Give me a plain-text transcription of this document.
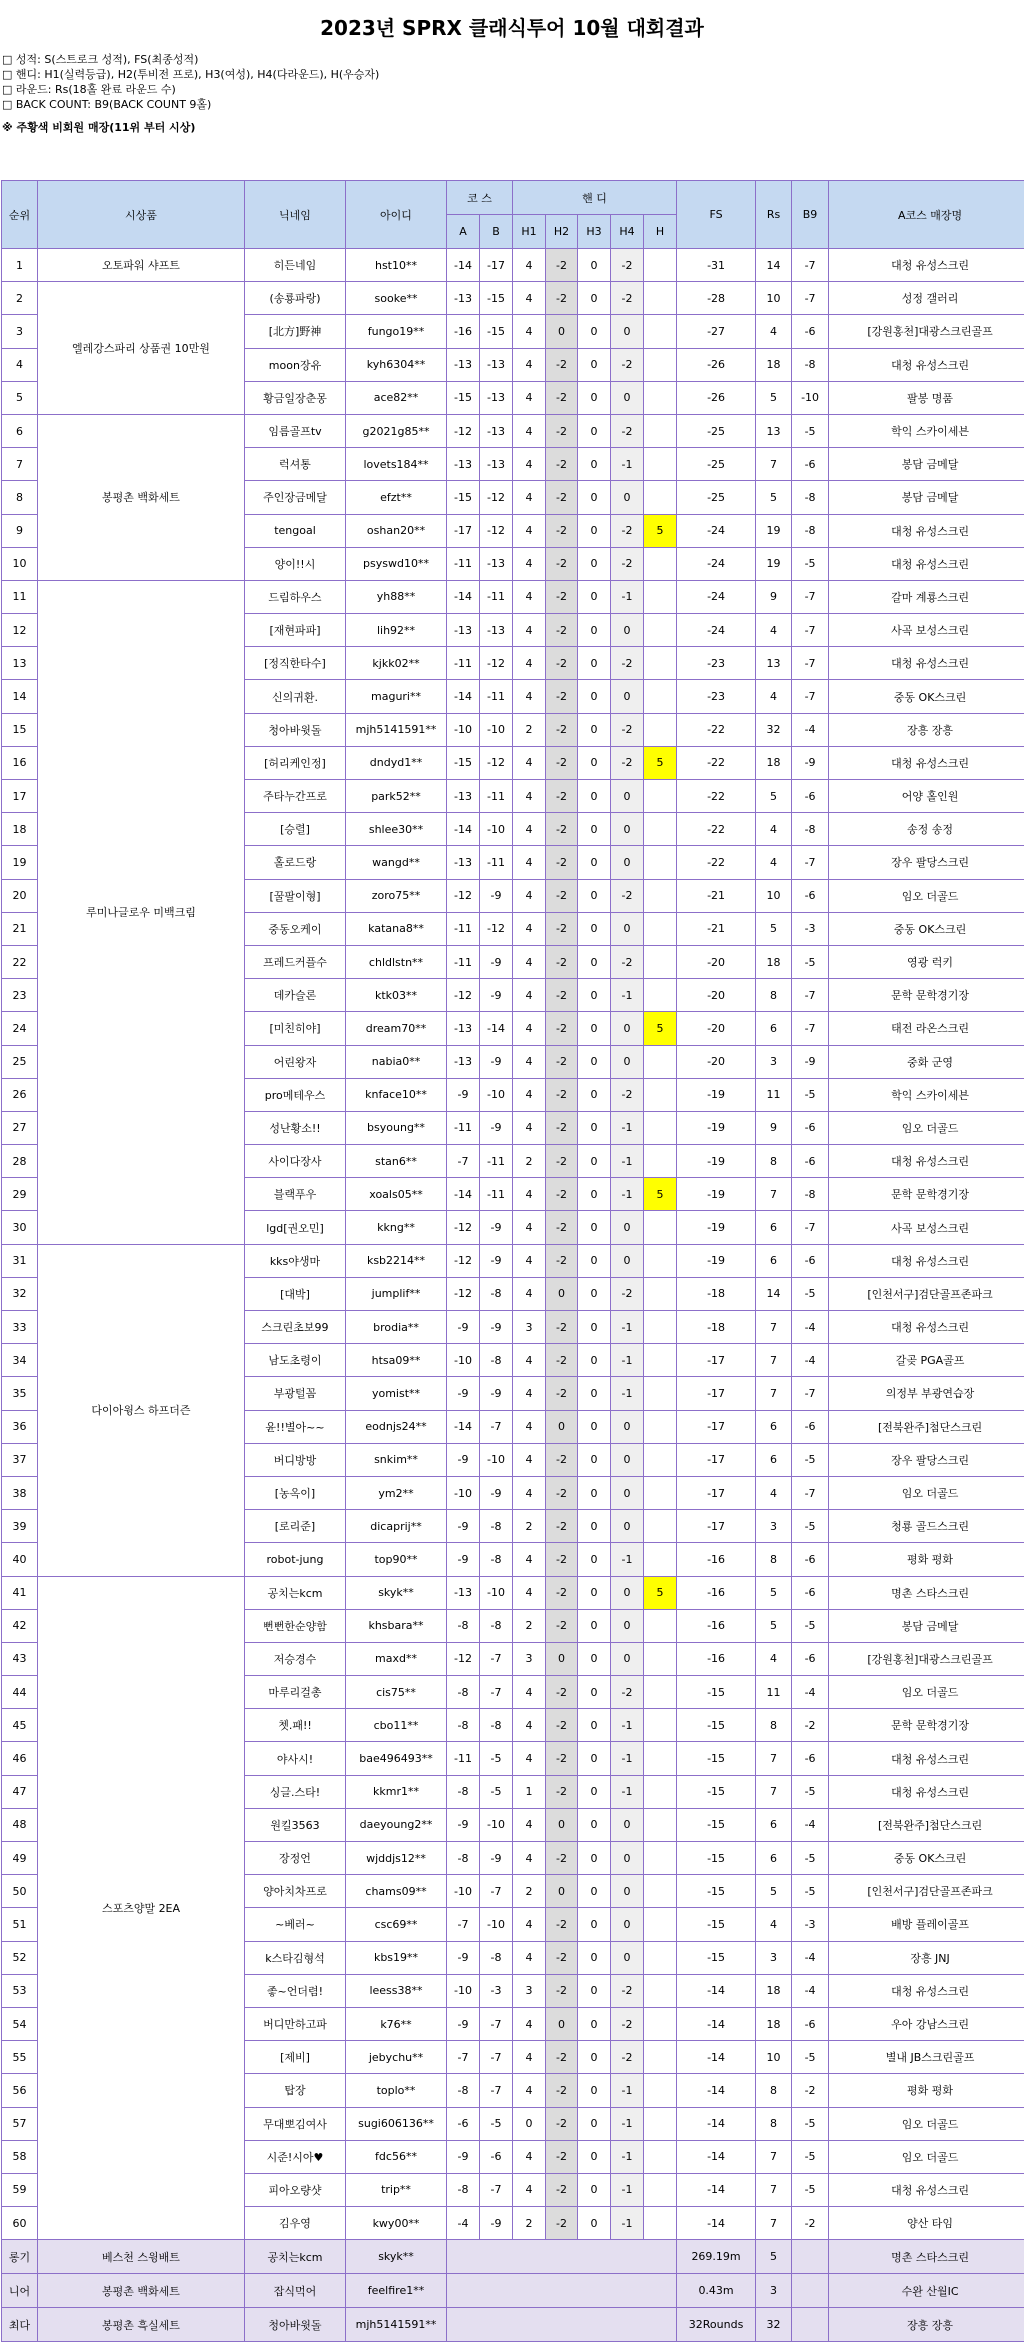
2023년 SPRX 클래식투어 10월 대회결과
□ 성적: S(스트로크 성적), FS(최종성적)
□ 핸디: H1(실력등급), H2(투비전 프로), H3(여성), H4(다라운드), H(우승자)
□ 라운드: Rs(18홀 완료 라운드 수)
□ BACK COUNT: B9(BACK COUNT 9홀)
※ 주황색 비회원 매장(11위 부터 시상)
순위	시상품	닉네임	아이디	코 스		핸 디					FS	Rs	B9	A코스 매장명
				A	B	H1	H2	H3	H4	H				
1	오토파워 샤프트	히든네임	hst10**	-14	-17	4	-2	0	-2		-31	14	-7	대청 유성스크린
2	엘레강스파리 상품권 10만원	(송룡파랑)	sooke**	-13	-15	4	-2	0	-2		-28	10	-7	성정 갤러리
3		[北方]野神	fungo19**	-16	-15	4	0	0	0		-27	4	-6	[강원홍천]대광스크린골프
4		moon장유	kyh6304**	-13	-13	4	-2	0	-2		-26	18	-8	대청 유성스크린
5		황금일장춘몽	ace82**	-15	-13	4	-2	0	0		-26	5	-10	팔봉 명품
6	봉평촌 백화세트	임름골프tv	g2021g85**	-12	-13	4	-2	0	-2		-25	13	-5	학익 스카이세븐
7		럭셔통	lovets184**	-13	-13	4	-2	0	-1		-25	7	-6	봉담 금메달
8		주인장금메달	efzt**	-15	-12	4	-2	0	0		-25	5	-8	봉담 금메달
9		tengoal	oshan20**	-17	-12	4	-2	0	-2	5	-24	19	-8	대청 유성스크린
10		양이!!시	psyswd10**	-11	-13	4	-2	0	-2		-24	19	-5	대청 유성스크린
11	루미나글로우 미백크림	드림하우스	yh88**	-14	-11	4	-2	0	-1		-24	9	-7	갈마 계룡스크린
12		[재현파파]	lih92**	-13	-13	4	-2	0	0		-24	4	-7	사곡 보성스크린
13		[정직한타수]	kjkk02**	-11	-12	4	-2	0	-2		-23	13	-7	대청 유성스크린
14		신의귀환.	maguri**	-14	-11	4	-2	0	0		-23	4	-7	중동 OK스크린
15		청아바윗돌	mjh5141591**	-10	-10	2	-2	0	-2		-22	32	-4	장흥 장흥
16		[허리케인정]	dndyd1**	-15	-12	4	-2	0	-2	5	-22	18	-9	대청 유성스크린
17		주타누간프로	park52**	-13	-11	4	-2	0	0		-22	5	-6	어양 홀인원
18		[승렬]	shlee30**	-14	-10	4	-2	0	0		-22	4	-8	송정 송정
19		홀로드랑	wangd**	-13	-11	4	-2	0	0		-22	4	-7	장우 팔당스크린
20		[꿀팔이형]	zoro75**	-12	-9	4	-2	0	-2		-21	10	-6	임오 더골드
21		중동오케이	katana8**	-11	-12	4	-2	0	0		-21	5	-3	중동 OK스크린
22		프레드커플수	chldlstn**	-11	-9	4	-2	0	-2		-20	18	-5	영광 럭키
23		데카슬론	ktk03**	-12	-9	4	-2	0	-1		-20	8	-7	문학 문학경기장
24		[미친히야]	dream70**	-13	-14	4	-2	0	0	5	-20	6	-7	태전 라온스크린
25		어린왕자	nabia0**	-13	-9	4	-2	0	0		-20	3	-9	중화 군영
26		pro메테우스	knface10**	-9	-10	4	-2	0	-2		-19	11	-5	학익 스카이세븐
27		성난황소!!	bsyoung**	-11	-9	4	-2	0	-1		-19	9	-6	임오 더골드
28		사이다장사	stan6**	-7	-11	2	-2	0	-1		-19	8	-6	대청 유성스크린
29		블랙푸우	xoals05**	-14	-11	4	-2	0	-1	5	-19	7	-8	문학 문학경기장
30		lgd[권오민]	kkng**	-12	-9	4	-2	0	0		-19	6	-7	사곡 보성스크린
31	다이아윙스 하프더즌	kks야생마	ksb2214**	-12	-9	4	-2	0	0		-19	6	-6	대청 유성스크린
32		[대박]	jumplif**	-12	-8	4	0	0	-2		-18	14	-5	[인천서구]검단골프존파크
33		스크린초보99	brodia**	-9	-9	3	-2	0	-1		-18	7	-4	대청 유성스크린
34		남도초령이	htsa09**	-10	-8	4	-2	0	-1		-17	7	-4	갈곶 PGA골프
35		부광털꼼	yomist**	-9	-9	4	-2	0	-1		-17	7	-7	의정부 부광연습장
36		윤!!별아~~	eodnjs24**	-14	-7	4	0	0	0		-17	6	-6	[전북완주]첨단스크린
37		버디방방	snkim**	-9	-10	4	-2	0	0		-17	6	-5	장우 팔당스크린
38		[농옥이]	ym2**	-10	-9	4	-2	0	0		-17	4	-7	임오 더골드
39		[로리준]	dicaprij**	-9	-8	2	-2	0	0		-17	3	-5	청룡 골드스크린
40		robot-jung	top90**	-9	-8	4	-2	0	-1		-16	8	-6	평화 평화
41	스포츠양말 2EA	공치는kcm	skyk**	-13	-10	4	-2	0	0	5	-16	5	-6	명촌 스타스크린
42		뻔뻔한순양함	khsbara**	-8	-8	2	-2	0	0		-16	5	-5	봉담 금메달
43		저승경수	maxd**	-12	-7	3	0	0	0		-16	4	-6	[강원홍천]대광스크린골프
44		마루리걸총	cis75**	-8	-7	4	-2	0	-2		-15	11	-4	임오 더골드
45		쳇.패!!	cbo11**	-8	-8	4	-2	0	-1		-15	8	-2	문학 문학경기장
46		야사시!	bae496493**	-11	-5	4	-2	0	-1		-15	7	-6	대청 유성스크린
47		싱글.스타!	kkmr1**	-8	-5	1	-2	0	-1		-15	7	-5	대청 유성스크린
48		원킬3563	daeyoung2**	-9	-10	4	0	0	0		-15	6	-4	[전북완주]첨단스크린
49		장정언	wjddjs12**	-8	-9	4	-2	0	0		-15	6	-5	중동 OK스크린
50		양아치차프로	chams09**	-10	-7	2	0	0	0		-15	5	-5	[인천서구]검단골프존파크
51		~베러~	csc69**	-7	-10	4	-2	0	0		-15	4	-3	배방 플레이골프
52		k스타김형석	kbs19**	-9	-8	4	-2	0	0		-15	3	-4	장흥 JNJ
53		좋~언더렴!	leess38**	-10	-3	3	-2	0	-2		-14	18	-4	대청 유성스크린
54		버디만하고파	k76**	-9	-7	4	0	0	-2		-14	18	-6	우아 강남스크린
55		[제비]	jebychu**	-7	-7	4	-2	0	-2		-14	10	-5	별내 JB스크린골프
56		탑장	toplo**	-8	-7	4	-2	0	-1		-14	8	-2	평화 평화
57		무대뽀김여사	sugi606136**	-6	-5	0	-2	0	-1		-14	8	-5	임오 더골드
58		시준!시아♥	fdc56**	-9	-6	4	-2	0	-1		-14	7	-5	임오 더골드
59		피아오량샷	trip**	-8	-7	4	-2	0	-1		-14	7	-5	대청 유성스크린
60		김우영	kwy00**	-4	-9	2	-2	0	-1		-14	7	-2	양산 타임
롱기	베스천 스윙배트	공치는kcm	skyk**								269.19m	5		명촌 스타스크린
니어	봉평촌 백화세트	잡식먹어	feelfire1**								0.43m	3		수완 산월IC
최다	봉평촌 흑실세트	청아바윗돌	mjh5141591**								32Rounds	32		장흥 장흥
